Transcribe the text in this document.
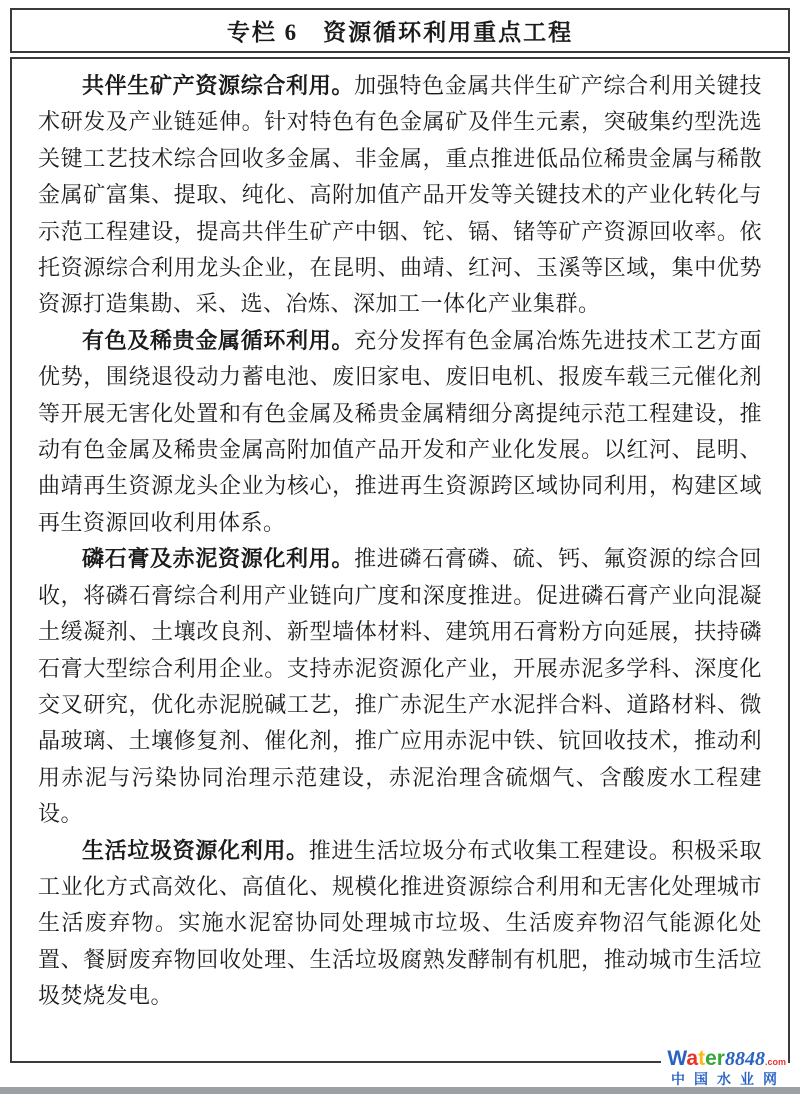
专栏 6　资源循环利用重点工程

共伴生矿产资源综合利用。加强特色金属共伴生矿产综合利用关键技术研发及产业链延伸。针对特色有色金属矿及伴生元素，突破集约型洗选关键工艺技术综合回收多金属、非金属，重点推进低品位稀贵金属与稀散金属矿富集、提取、纯化、高附加值产品开发等关键技术的产业化转化与示范工程建设，提高共伴生矿产中铟、铊、镉、锗等矿产资源回收率。依托资源综合利用龙头企业，在昆明、曲靖、红河、玉溪等区域，集中优势资源打造集勘、采、选、冶炼、深加工一体化产业集群。

有色及稀贵金属循环利用。充分发挥有色金属冶炼先进技术工艺方面优势，围绕退役动力蓄电池、废旧家电、废旧电机、报废车载三元催化剂等开展无害化处置和有色金属及稀贵金属精细分离提纯示范工程建设，推动有色金属及稀贵金属高附加值产品开发和产业化发展。以红河、昆明、曲靖再生资源龙头企业为核心，推进再生资源跨区域协同利用，构建区域再生资源回收利用体系。

磷石膏及赤泥资源化利用。推进磷石膏磷、硫、钙、氟资源的综合回收，将磷石膏综合利用产业链向广度和深度推进。促进磷石膏产业向混凝土缓凝剂、土壤改良剂、新型墙体材料、建筑用石膏粉方向延展，扶持磷石膏大型综合利用企业。支持赤泥资源化产业，开展赤泥多学科、深度化交叉研究，优化赤泥脱碱工艺，推广赤泥生产水泥拌合料、道路材料、微晶玻璃、土壤修复剂、催化剂，推广应用赤泥中铁、钪回收技术，推动利用赤泥与污染协同治理示范建设，赤泥治理含硫烟气、含酸废水工程建设。

生活垃圾资源化利用。推进生活垃圾分布式收集工程建设。积极采取工业化方式高效化、高值化、规模化推进资源综合利用和无害化处理城市生活废弃物。实施水泥窑协同处理城市垃圾、生活废弃物沼气能源化处置、餐厨废弃物回收处理、生活垃圾腐熟发酵制有机肥，推动城市生活垃圾焚烧发电。

Water8848.com
中国水业网
